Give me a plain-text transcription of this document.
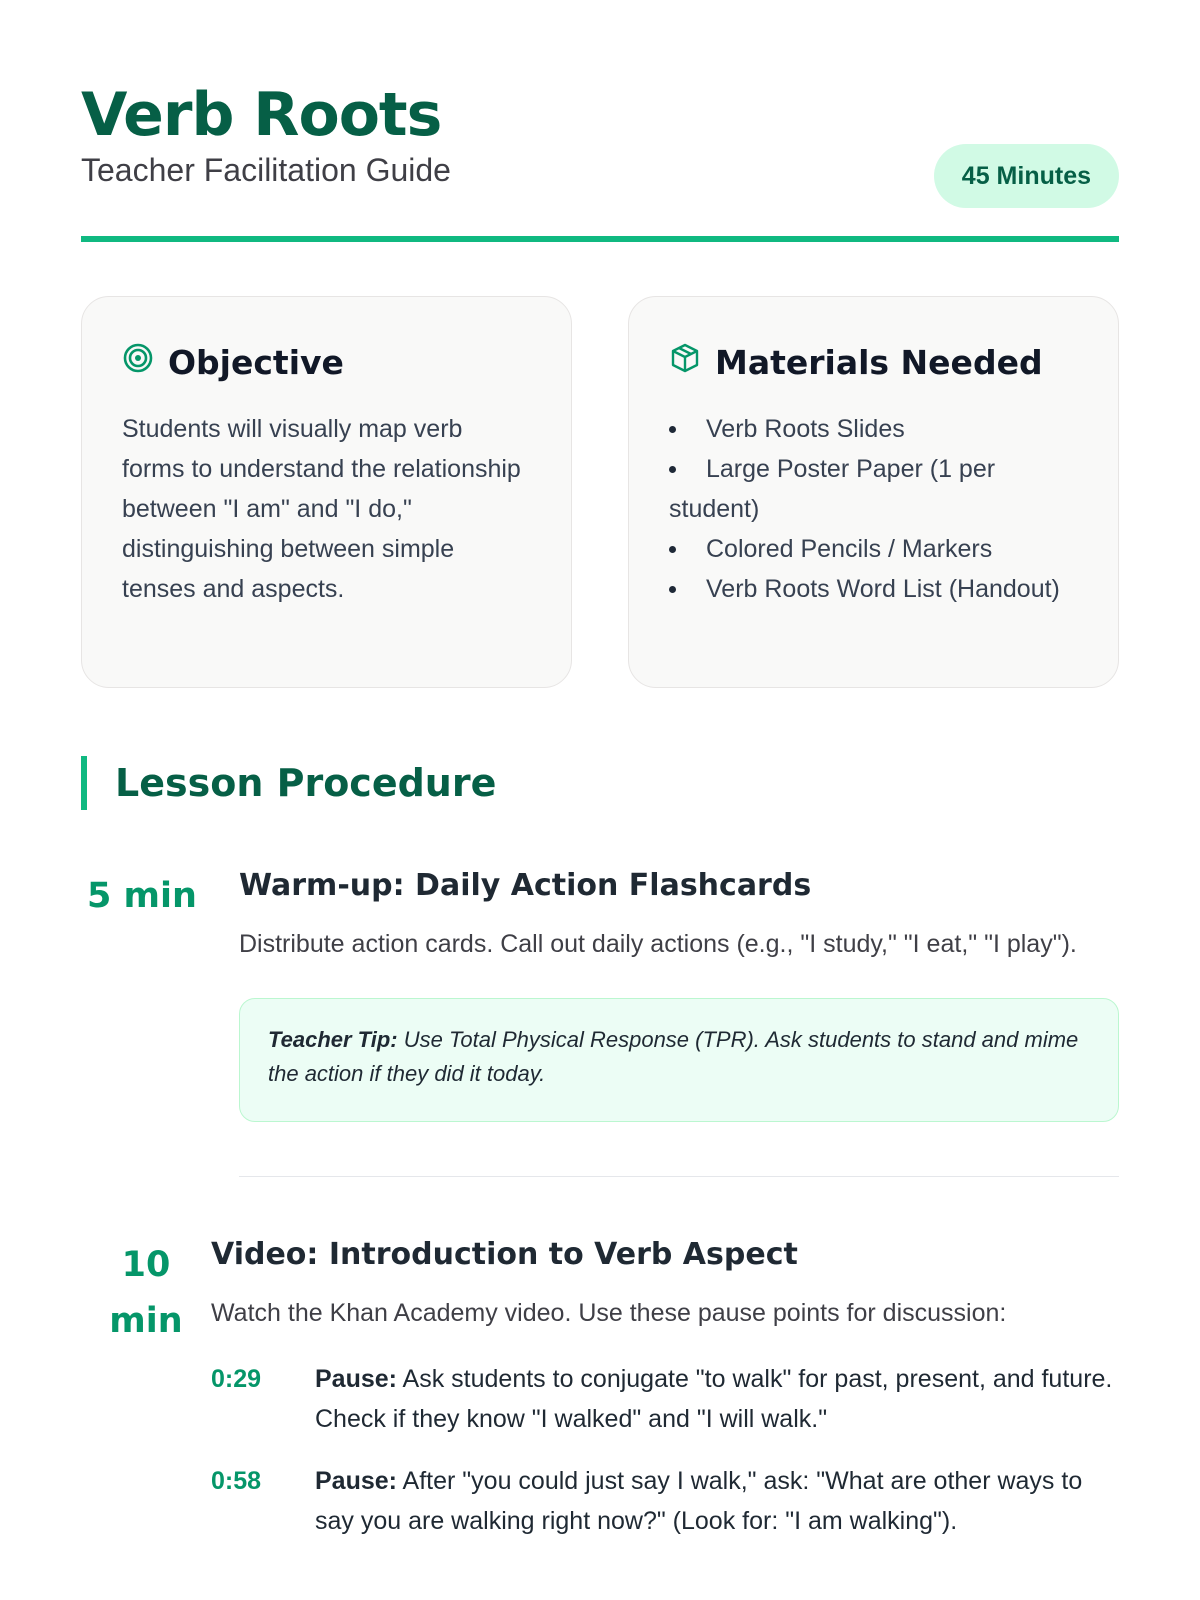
Verb Roots
Teacher Facilitation Guide	45 Minutes
Objective

Students will visually map verb forms to understand the relationship between "I am" and "I do," distinguishing between simple tenses and aspects.

Materials Needed
Verb Roots Slides
Large Poster Paper (1 per student)
Colored Pencils / Markers
Verb Roots Word List (Handout)
Lesson Procedure
5 min	Warm-up: Daily Action Flashcards

Distribute action cards. Call out daily actions (e.g., "I study," "I eat," "I play").

Teacher Tip: Use Total Physical Response (TPR). Ask students to stand and mime the action if they did it today.
10 min
Video: Introduction to Verb Aspect

Watch the Khan Academy video. Use these pause points for discussion:

0:29	Pause: Ask students to conjugate "to walk" for past, present, and future. Check if they know "I walked" and "I will walk."
0:58	Pause: After "you could just say I walk," ask: "What are other ways to say you are walking right now?" (Look for: "I am walking").
